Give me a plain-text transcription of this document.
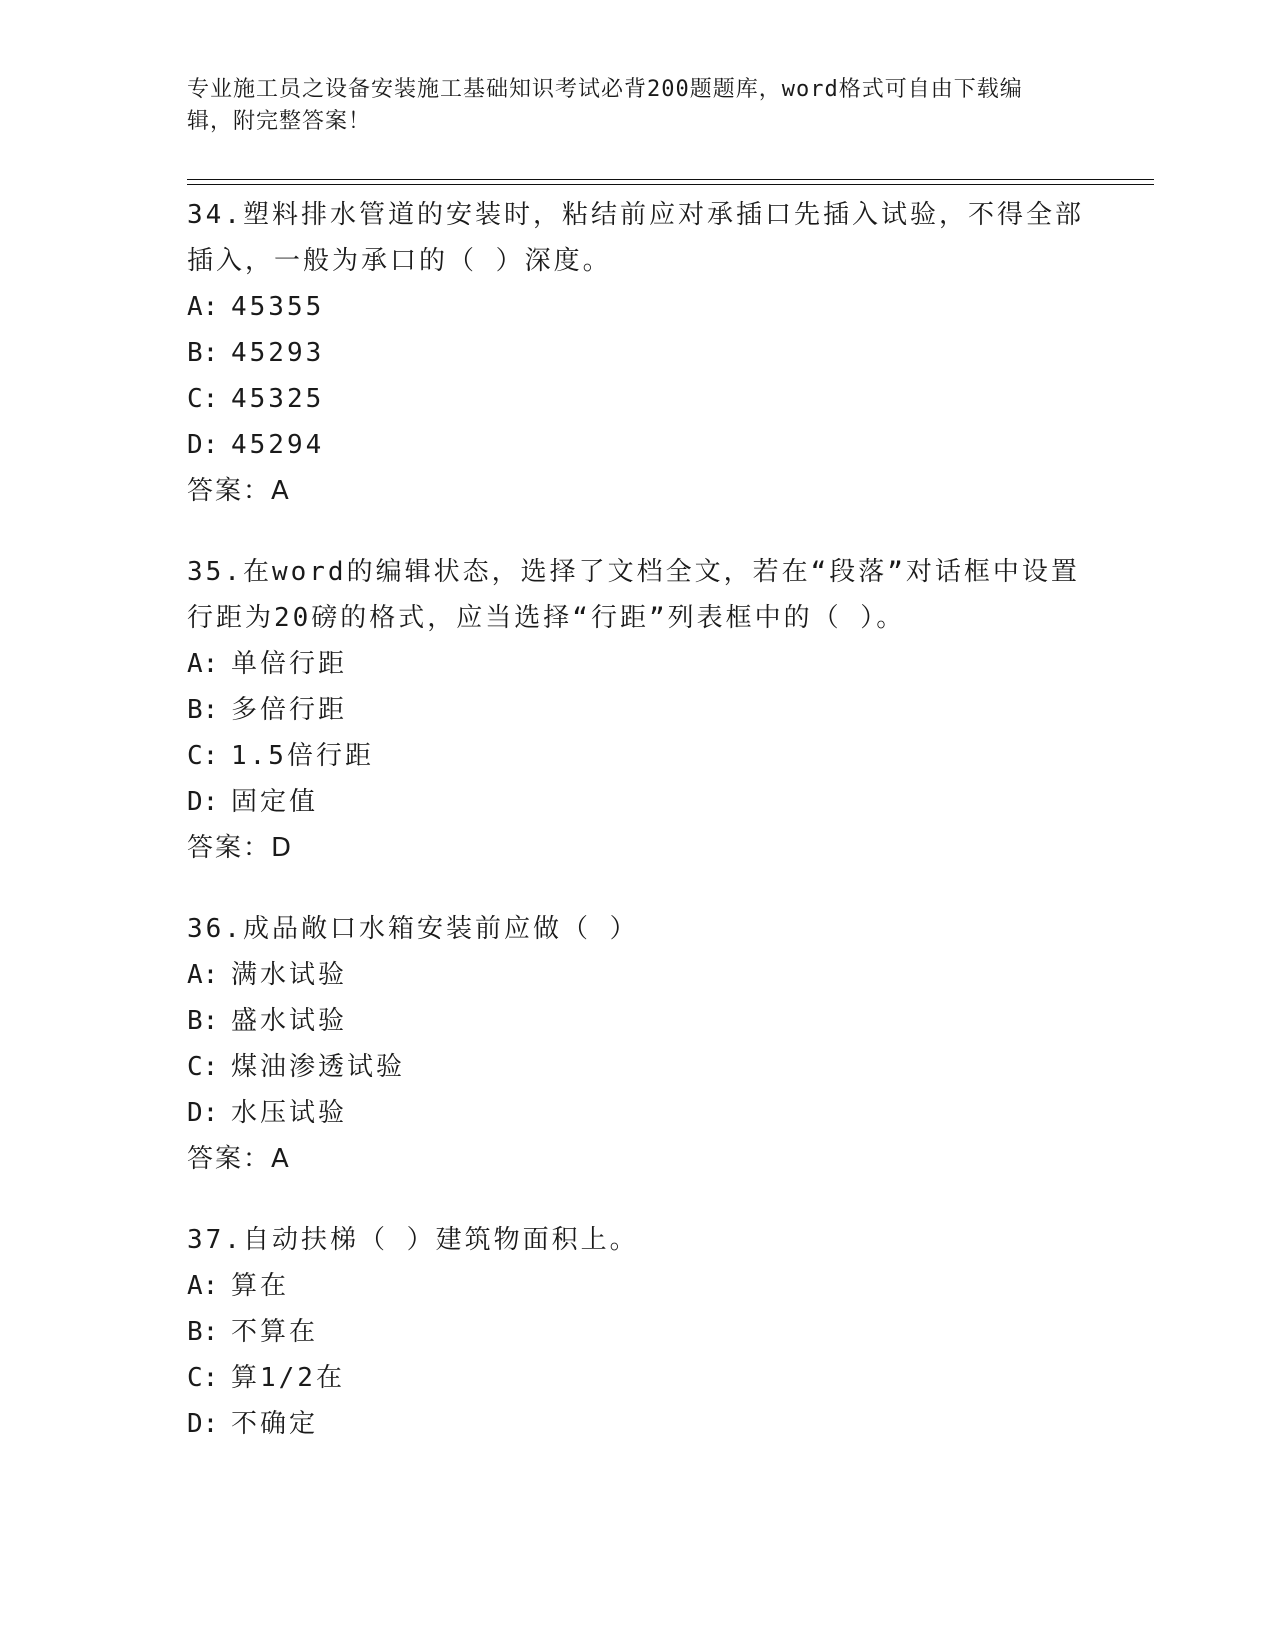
专业施工员之设备安装施工基础知识考试必背200题题库，word格式可自由下载编辑，附完整答案！

34.塑料排水管道的安装时，粘结前应对承插口先插入试验，不得全部插入，一般为承口的（ ）深度。

A: 45355
B: 45293
C: 45325
D: 45294
答案：A

35.在word的编辑状态，选择了文档全文，若在“段落”对话框中设置行距为20磅的格式，应当选择“行距”列表框中的（ ）。

A: 单倍行距
B: 多倍行距
C: 1.5倍行距
D: 固定值
答案：D

36.成品敞口水箱安装前应做（ ）

A: 满水试验
B: 盛水试验
C: 煤油渗透试验
D: 水压试验
答案：A

37.自动扶梯（ ）建筑物面积上。

A: 算在
B: 不算在
C: 算1/2在
D: 不确定
